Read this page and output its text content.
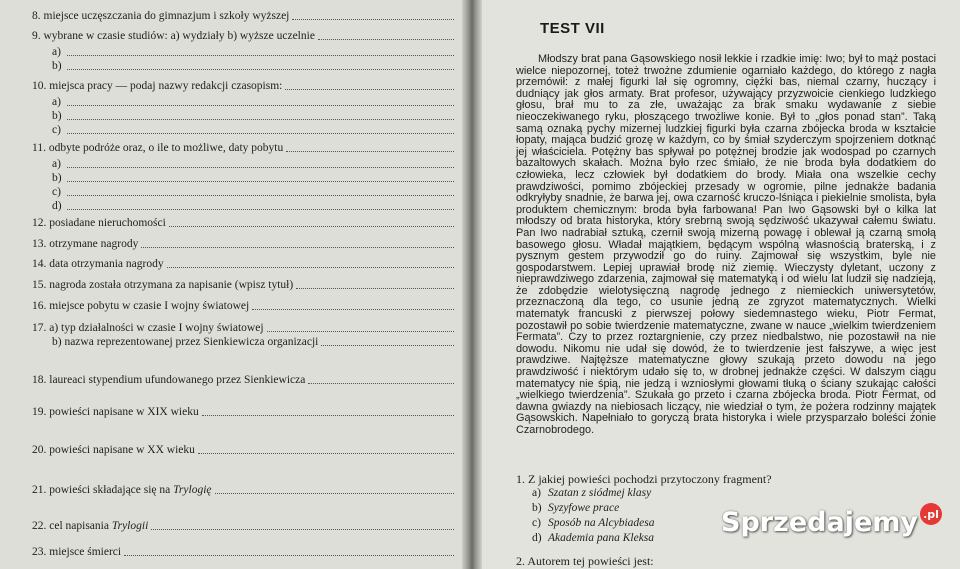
8. miejsce uczęszczania do gimnazjum i szkoły wyższej
9. wybrane w czasie studiów: a) wydziały b) wyższe uczelnie
a)
b)
10. miejsca pracy — podaj nazwy redakcji czasopism:
a)
b)
c)
11. odbyte podróże oraz, o ile to możliwe, daty pobytu
a)
b)
c)
d)
12. posiadane nieruchomości
13. otrzymane nagrody
14. data otrzymania nagrody
15. nagroda została otrzymana za napisanie (wpisz tytuł)
16. miejsce pobytu w czasie I wojny światowej
17. a) typ działalności w czasie I wojny światowej
b) nazwa reprezentowanej przez Sienkiewicza organizacji
18. laureaci stypendium ufundowanego przez Sienkiewicza
19. powieści napisane w XIX wieku
20. powieści napisane w XX wieku
21. powieści składające się na Trylogię
22. cel napisania Trylogii
23. miejsce śmierci
TEST VII

Młodszy brat pana Gąsowskiego nosił lekkie i rzadkie imię: Iwo; był to mąż postaci wielce niepozornej, toteż trwożne zdumienie ogarniało każdego, do którego z nagła przemówił: z małej figurki lał się ogromny, ciężki bas, niemal czarny, huczący i dudniący jak głos armaty. Brat profesor, używający przyzwoicie cienkiego ludzkiego głosu, brał mu to za złe, uważając za brak smaku wydawanie z siebie nieoczekiwanego ryku, płoszącego trwożliwe konie. Był to „głos ponad stan”. Taką samą oznaką pychy mizernej ludzkiej figurki była czarna zbójecka broda w kształcie łopaty, mająca budzić grozę w każdym, co by śmiał szyderczym spojrzeniem dotknąć jej właściciela. Potężny bas spływał po potężnej brodzie jak wodospad po czarnych bazaltowych skałach. Można było rzec śmiało, że nie broda była dodatkiem do człowieka, lecz człowiek był dodatkiem do brody. Miała ona wszelkie cechy prawdziwości, pomimo zbójeckiej przesady w ogromie, pilne jednakże badania odkryłyby snadnie, że barwa jej, owa czarność kruczo-lśniąca i piekielnie smolista, była produktem chemicznym: broda była farbowana! Pan Iwo Gąsowski był o kilka lat młodszy od brata historyka, który srebrną swoją sędziwość ukazywał całemu światu. Pan Iwo nadrabiał sztuką, czernił swoją mizerną powagę i oblewał ją czarną smołą basowego głosu. Władał majątkiem, będącym wspólną własnością braterską, i z pysznym gestem przywodził go do ruiny. Zajmował się wszystkim, byle nie gospodarstwem. Lepiej uprawiał brodę niż ziemię. Wieczysty dyletant, uczony z nieprawdziwego zdarzenia, zajmował się matematyką i od wielu lat ludził się nadzieją, że zdobędzie wielotysięczną nagrodę jednego z niemieckich uniwersytetów, przeznaczoną dla tego, co usunie jedną ze zgryzot matematycznych. Wielki matematyk francuski z pierwszej połowy siedemnastego wieku, Piotr Fermat, pozostawił po sobie twierdzenie matematyczne, zwane w nauce „wielkim twierdzeniem Fermata”. Czy to przez roztargnienie, czy przez niedbalstwo, nie pozostawił na nie dowodu. Nikomu nie udał się dowód, że to twierdzenie jest fałszywe, a więc jest prawdziwe. Najtęższe matematyczne głowy szukają przeto dowodu na jego prawdziwość i niektórym udało się to, w drobnej jednakże części. W dalszym ciągu matematycy nie śpią, nie jedzą i wzniosłymi głowami tłuką o ściany szukając całości „wielkiego twierdzenia”. Szukała go przeto i czarna zbójecka broda. Piotr Fermat, od dawna gwiazdy na niebiosach liczący, nie wiedział o tym, że pożera rodzinny majątek Gąsowskich. Napełniało to goryczą brata historyka i wiele przysparzało boleści żonie Czarnobrodego.

1. Z jakiej powieści pochodzi przytoczony fragment?
a) Szatan z siódmej klasy
b) Syzyfowe prace
c) Sposób na Alcybiadesa
d) Akademia pana Kleksa
2. Autorem tej powieści jest:
Sprzedajemy .pl
